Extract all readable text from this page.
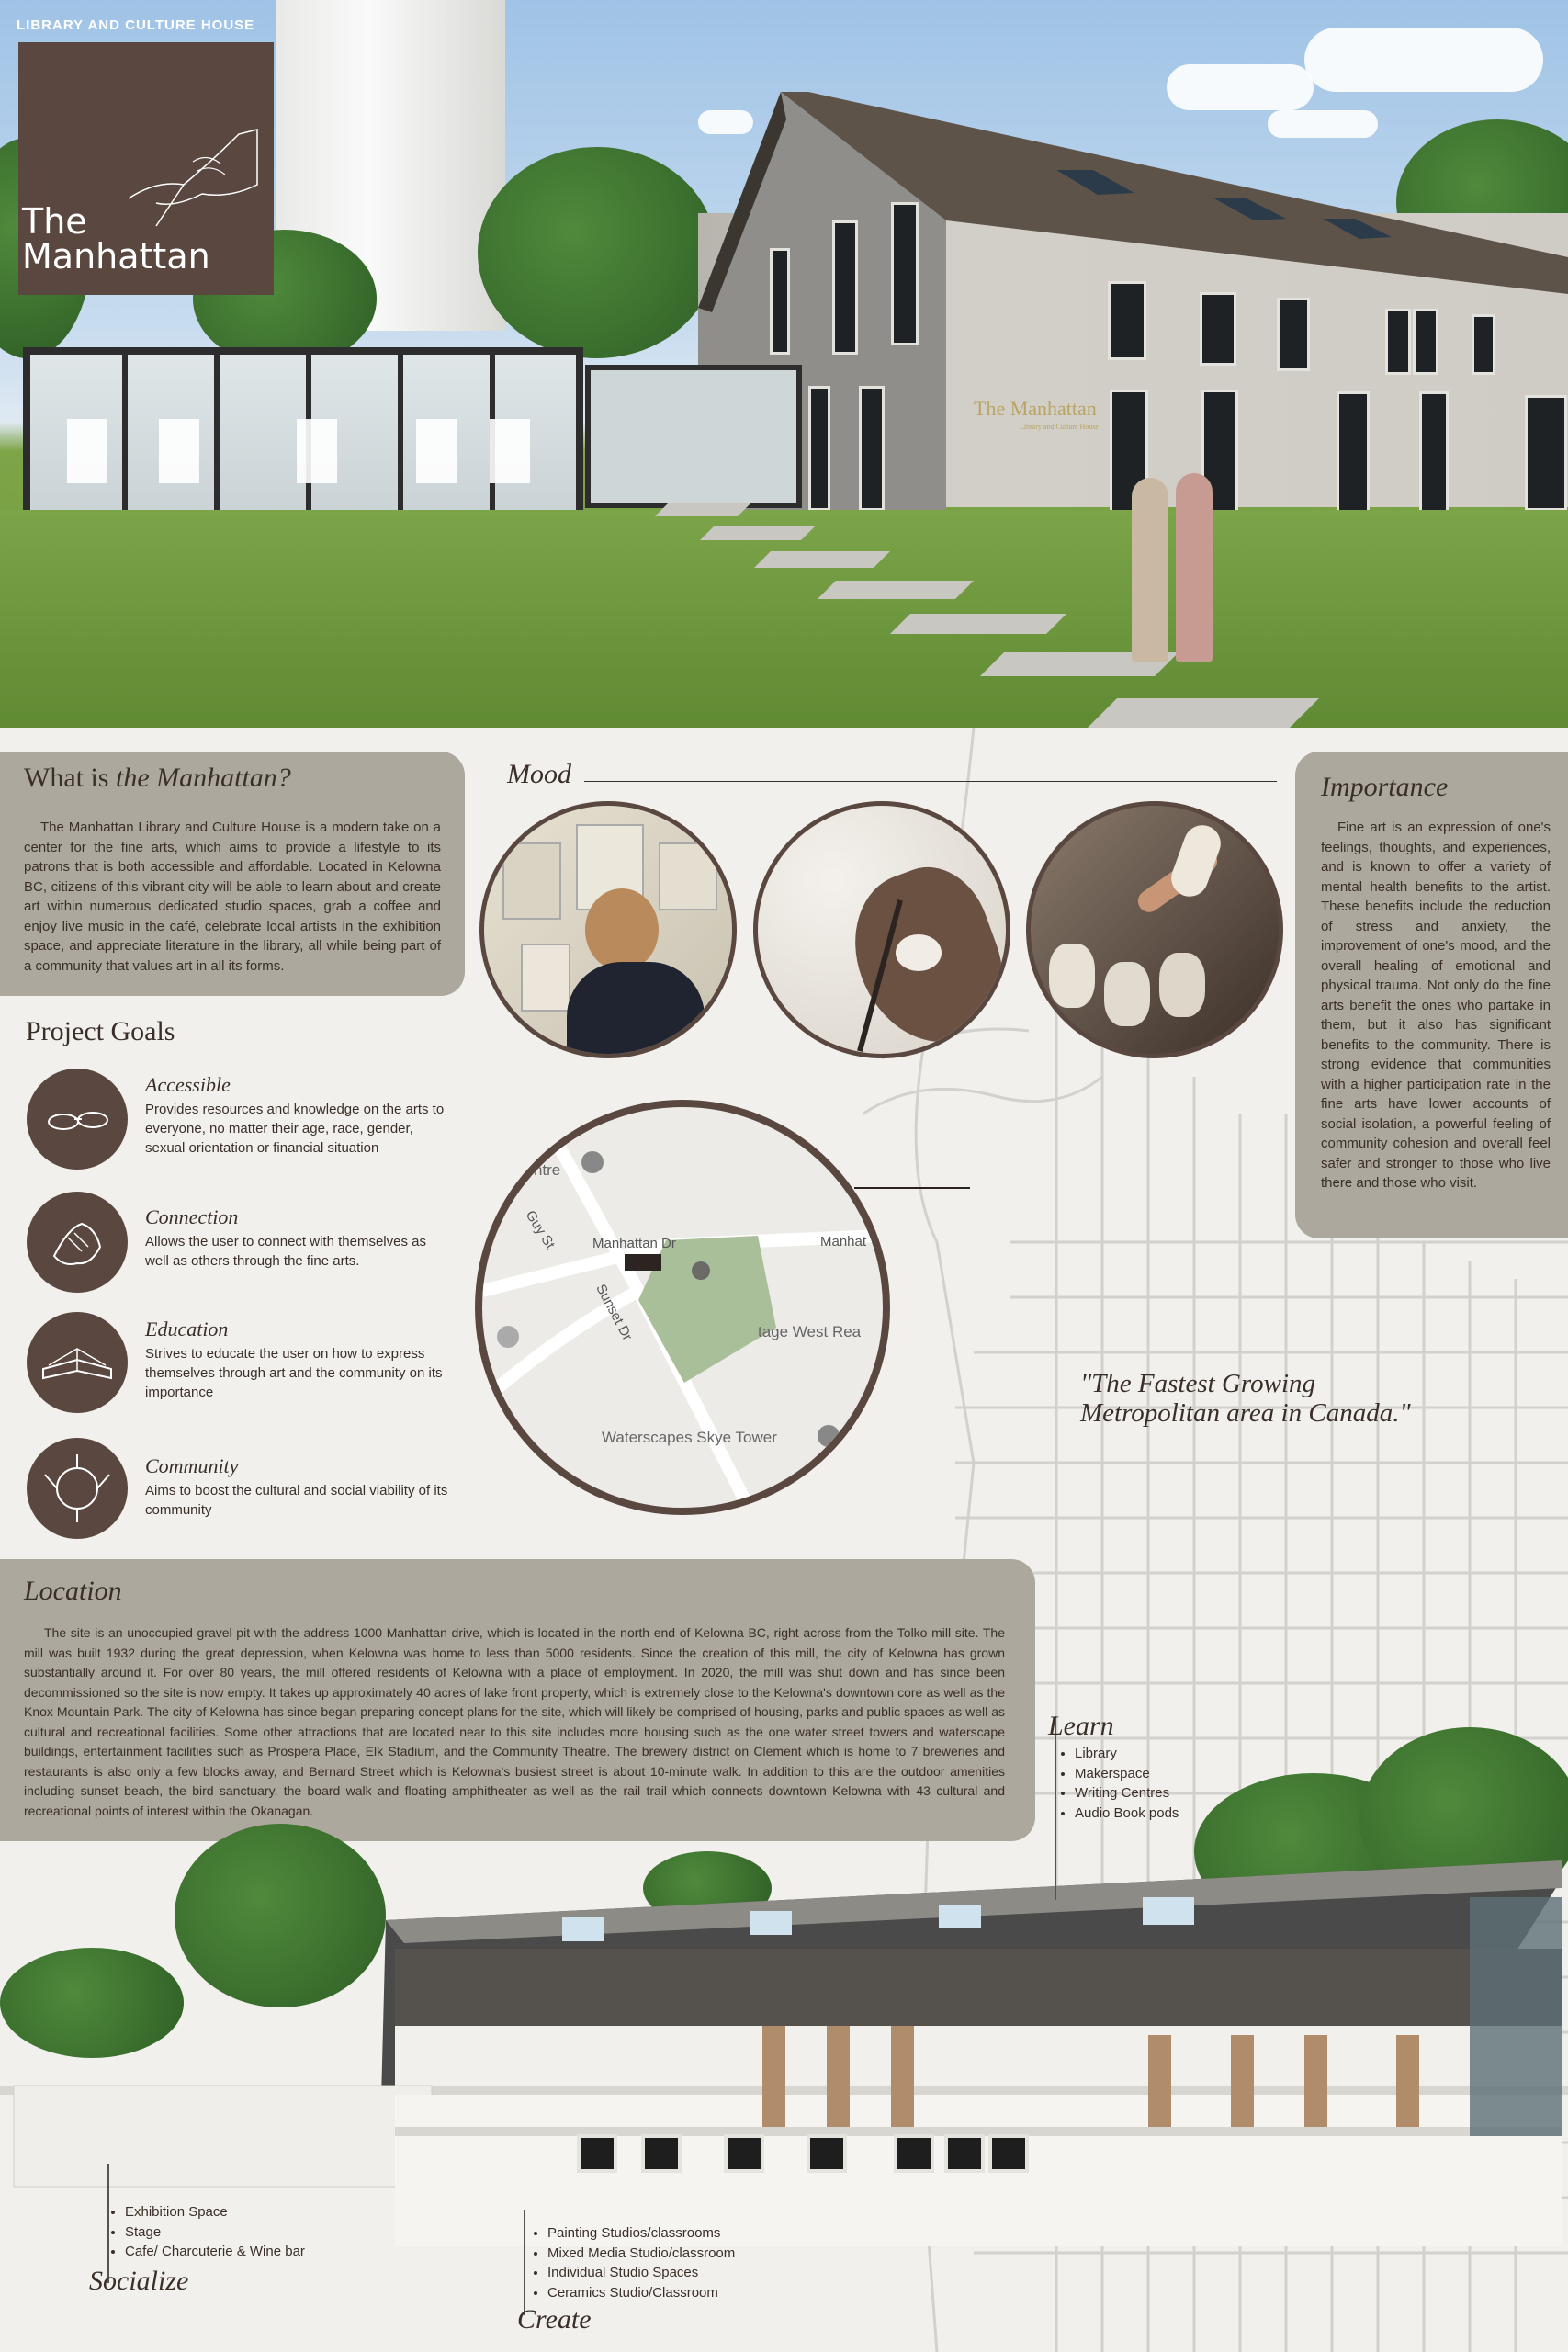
The Manhattan
Library and Culture House
LIBRARY AND CULTURE HOUSE
The
Manhattan
What is the Manhattan?
The Manhattan Library and Culture House is a modern take on a center for the fine arts, which aims to provide a lifestyle to its patrons that is both accessible and affordable. Located in Kelowna BC, citizens of this vibrant city will be able to learn about and create art within numerous dedicated studio spaces, grab a coffee and enjoy live music in the café, celebrate local artists in the exhibition space, and appreciate literature in the library, all while being part of a community that values art in all its forms.
Mood	Importance
Fine art is an expression of one's feelings, thoughts, and experiences, and is known to offer a variety of mental health benefits to the artist. These benefits include the reduction of stress and anxiety, the improvement of one's mood, and the overall healing of emotional and physical trauma. Not only do the fine arts benefit the ones who partake in them, but it also has significant benefits to the community. There is strong evidence that communities with a higher participation rate in the fine arts have lower accounts of social isolation, a powerful feeling of community cohesion and overall feel safer and stronger to those who live there and those who visit.
Project Goals
Accessible
Provides resources and knowledge on the arts to everyone, no matter their age, race, gender, sexual orientation or financial situation
Connection
Allows the user to connect with themselves as well as others through the fine arts.
Education
Strives to educate the user on how to express themselves through art and the community on its importance
Community
Aims to boost the cultural and social viability of its community
et -
centre
Guy St	Manhattan Dr	Manhat
Sunset Dr	tage West Rea
Waterscapes Skye Tower
"The Fastest Growing
Metropolitan area in Canada."
Location
The site is an unoccupied gravel pit with the address 1000 Manhattan drive, which is located in the north end of Kelowna BC, right across from the Tolko mill site. The mill was built 1932 during the great depression, when Kelowna was home to less than 5000 residents. Since the creation of this mill, the city of Kelowna has grown substantially around it. For over 80 years, the mill offered residents of Kelowna with a place of employment. In 2020, the mill was shut down and has since been decommissioned so the site is now empty. It takes up approximately 40 acres of lake front property, which is extremely close to the Kelowna's downtown core as well as the Knox Mountain Park. The city of Kelowna has since began preparing concept plans for the site, which will likely be comprised of housing, parks and public spaces as well as cultural and recreational facilities. Some other attractions that are located near to this site includes more housing such as the one water street towers and waterscape buildings, entertainment facilities such as Prospera Place, Elk Stadium, and the Community Theatre. The brewery district on Clement which is home to 7 breweries and restaurants is also only a few blocks away, and Bernard Street which is Kelowna's busiest street is about 10-minute walk. In addition to this are the outdoor amenities including sunset beach, the bird sanctuary, the board walk and floating amphitheater as well as the rail trail which connects downtown Kelowna with 43 cultural and recreational points of interest within the Okanagan.
Learn
• Library
• Makerspace
• Writing Centres
• Audio Book pods
• Exhibition Space
• Stage
• Cafe/ Charcuterie & Wine bar
Socialize
• Painting Studios/classrooms
• Mixed Media Studio/classroom
• Individual Studio Spaces
• Ceramics Studio/Classroom
Create
